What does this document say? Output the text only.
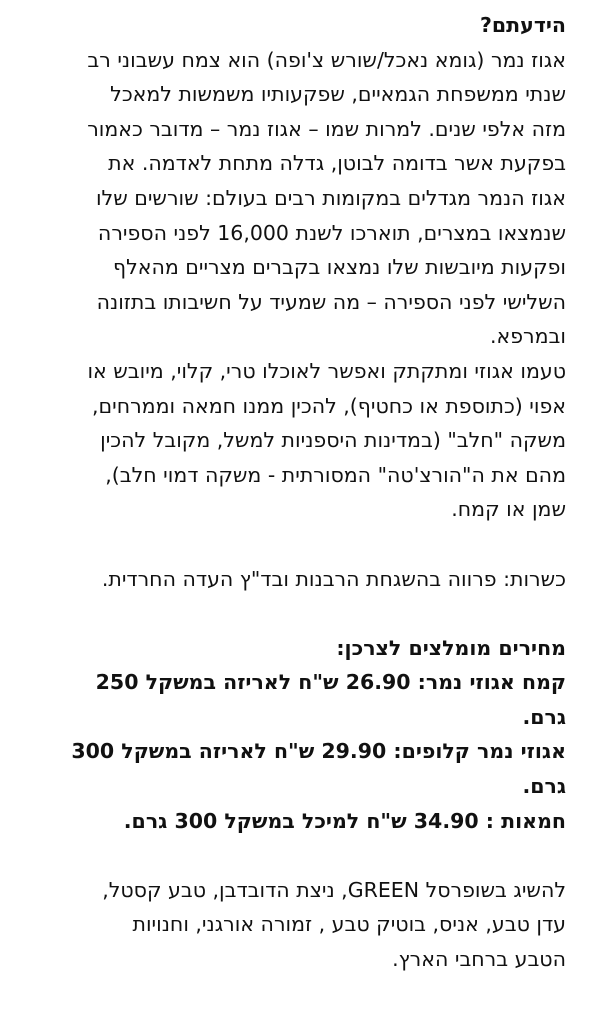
הידעתם?
אגוז נמר (גומא נאכל/שורש צ'ופה) הוא צמח עשבוני רב
שנתי ממשפחת הגמאיים, שפקעותיו משמשות למאכל
מזה אלפי שנים. למרות שמו – אגוז נמר – מדובר כאמור
בפקעת אשר בדומה לבוטן, גדלה מתחת לאדמה. את
אגוז הנמר מגדלים במקומות רבים בעולם: שורשים שלו
שנמצאו במצרים, תוארכו לשנת 16,000 לפני הספירה
ופקעות מיובשות שלו נמצאו בקברים מצריים מהאלף
השלישי לפני הספירה – מה שמעיד על חשיבותו בתזונה
ובמרפא.
טעמו אגוזי ומתקתק ואפשר לאוכלו טרי, קלוי, מיובש או
אפוי (כתוספת או כחטיף), להכין ממנו חמאה וממרחים,
משקה "חלב" (במדינות היספניות למשל, מקובל להכין
מהם את ה"הורצ'טה" המסורתית - משקה דמוי חלב),
שמן או קמח.
כשרות: פרווה בהשגחת הרבנות ובד"ץ העדה החרדית.
מחירים מומלצים לצרכן:
קמח אגוזי נמר: 26.90 ש"ח לאריזה במשקל 250
גרם.
אגוזי נמר קלופים: 29.90 ש"ח לאריזה במשקל 300
גרם.
חמאות : 34.90 ש"ח למיכל במשקל 300 גרם.
להשיג בשופרסל GREEN, ניצת הדובדבן, טבע קסטל,
עדן טבע, אניס, בוטיק טבע , זמורה אורגני, וחנויות
הטבע ברחבי הארץ.
